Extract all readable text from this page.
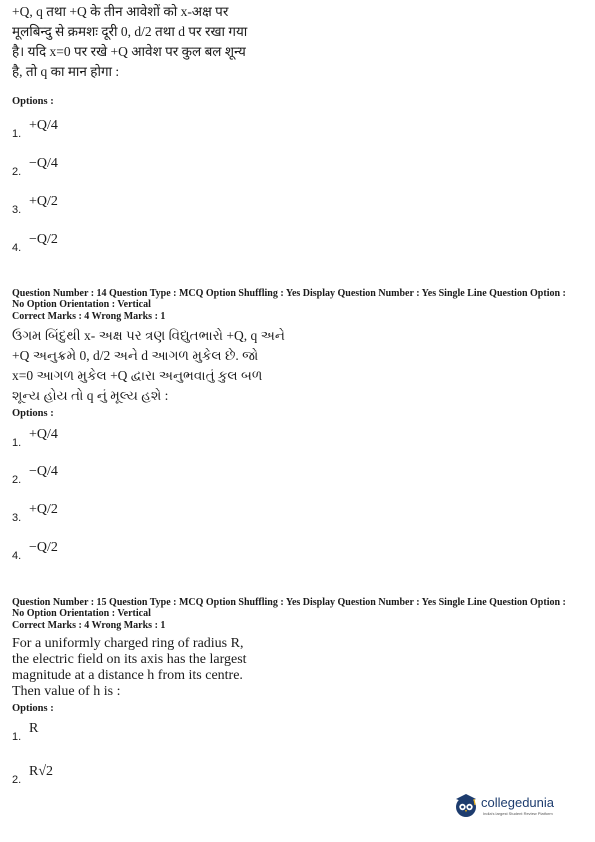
+Q, q तथा +Q के तीन आवेशों को x-अक्ष पर
मूलबिन्दु से क्रमशः दूरी 0, d/2 तथा d पर रखा गया
है। यदि x=0 पर रखे +Q आवेश पर कुल बल शून्य
है, तो q का मान होगा :
Options :
1.
+Q/4
2.
−Q/4
3.
+Q/2
4.
−Q/2
Question Number : 14 Question Type : MCQ Option Shuffling : Yes Display Question Number : Yes Single Line Question Option :
No Option Orientation : Vertical
Correct Marks : 4 Wrong Marks : 1
ઉગમ બિંદુથી x- અક્ષ પર ત્રણ વિદ્યુતભારો +Q, q અને
+Q અનુક્રમે 0, d/2 અને d આગળ મુકેલ છે. જો
x=0 આગળ મુકેલ +Q દ્વારા અનુભવાતું કુલ બળ
શૂન્ય હોય તો q નું મૂલ્ય હશે :
Options :
1.
+Q/4
2.
−Q/4
3.
+Q/2
4.
−Q/2
Question Number : 15 Question Type : MCQ Option Shuffling : Yes Display Question Number : Yes Single Line Question Option :
No Option Orientation : Vertical
Correct Marks : 4 Wrong Marks : 1
For a uniformly charged ring of radius R,
the electric field on its axis has the largest
magnitude at a distance h from its centre.
Then value of h is :
Options :
1.
R
2.
R√2
collegedunia
India's largest Student Review Platform
